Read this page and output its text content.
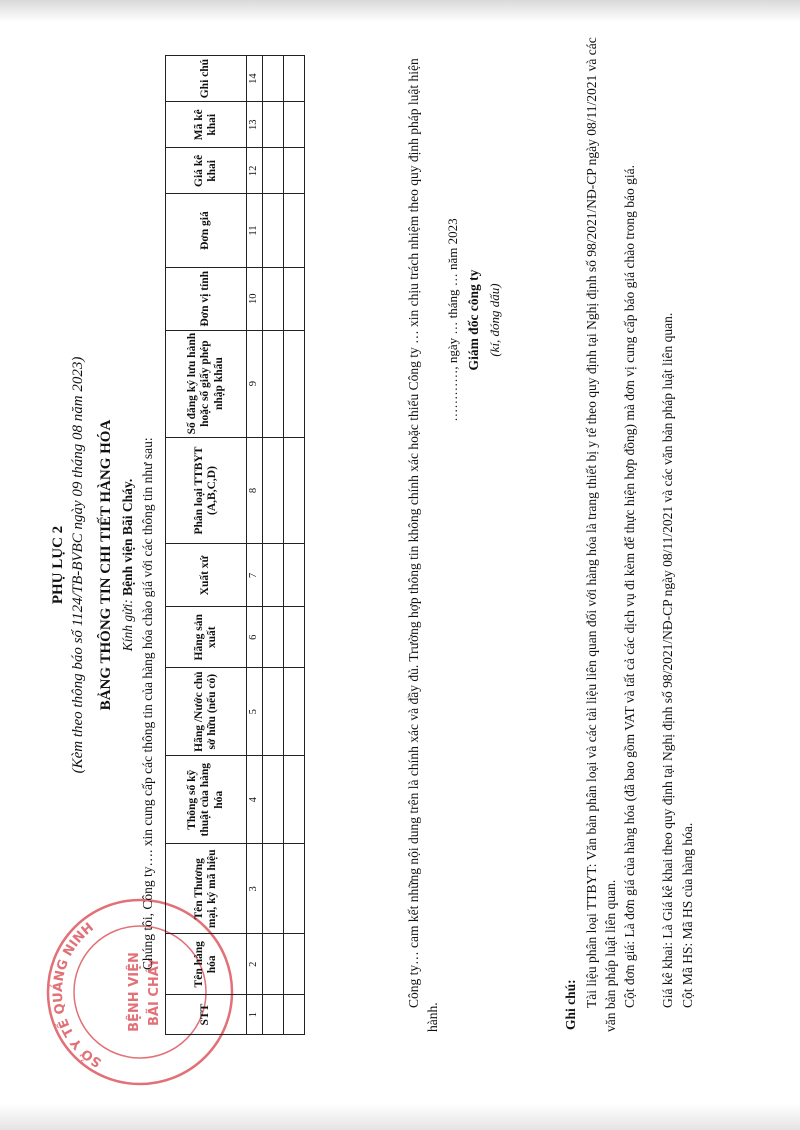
SỞ Y TẾ QUẢNG NINH
BỆNH VIỆN BÃI CHÁY
PHỤ LỤC 2 (Kèm theo thông báo số 1124/TB-BVBC ngày 09 tháng 08 năm 2023) BẢNG THÔNG TIN CHI TIẾT HÀNG HÓA Kính gửi: Bệnh viện Bãi Cháy. Chúng tôi, Công ty…. xin cung cấp các thông tin của hàng hóa chào giá với các thông tin như sau:
STT	Tên hàng hóa	Tên Thương mại, ký mã hiệu	Thông số kỹ thuật của hàng hóa	Hãng /Nước chủ sở hữu (nếu có)	Hãng sản xuất	Xuất xứ	Phân loại TTBYT (A,B,C,D)	Số đăng ký lưu hành hoặc số giấy phép nhập khẩu	Đơn vị tính	Đơn giá	Giá kê khai	Mã kê khai	Ghi chú
1	2	3	4	5	6	7	8	9	10	11	12	13	14

														Công ty… cam kết những nội dung trên là chính xác và đầy đủ. Trường hợp thông tin không chính xác hoặc thiếu Công ty … xin chịu trách nhiệm theo quy định pháp luật hiện hành.
…………, ngày … tháng … năm 2023 Giám đốc công ty (kí, đóng dấu)
Ghi chú: Tài liệu phân loại TTBYT: Văn bản phân loại và các tài liệu liên quan đối với hàng hóa là trang thiết bị y tế theo quy định tại Nghị định số 98/2021/NĐ-CP ngày 08/11/2021 và các văn bản pháp luật liên quan. Cột đơn giá: Là đơn giá của hàng hóa (đã bao gồm VAT và tất cả các dịch vụ đi kèm để thực hiện hợp đồng) mà đơn vị cung cấp báo giá chào trong báo giá. Giá kê khai: Là Giá kê khai theo quy định tại Nghị định số 98/2021/NĐ-CP ngày 08/11/2021 và các văn bản pháp luật liên quan. Cột Mã HS: Mã HS của hàng hóa.
